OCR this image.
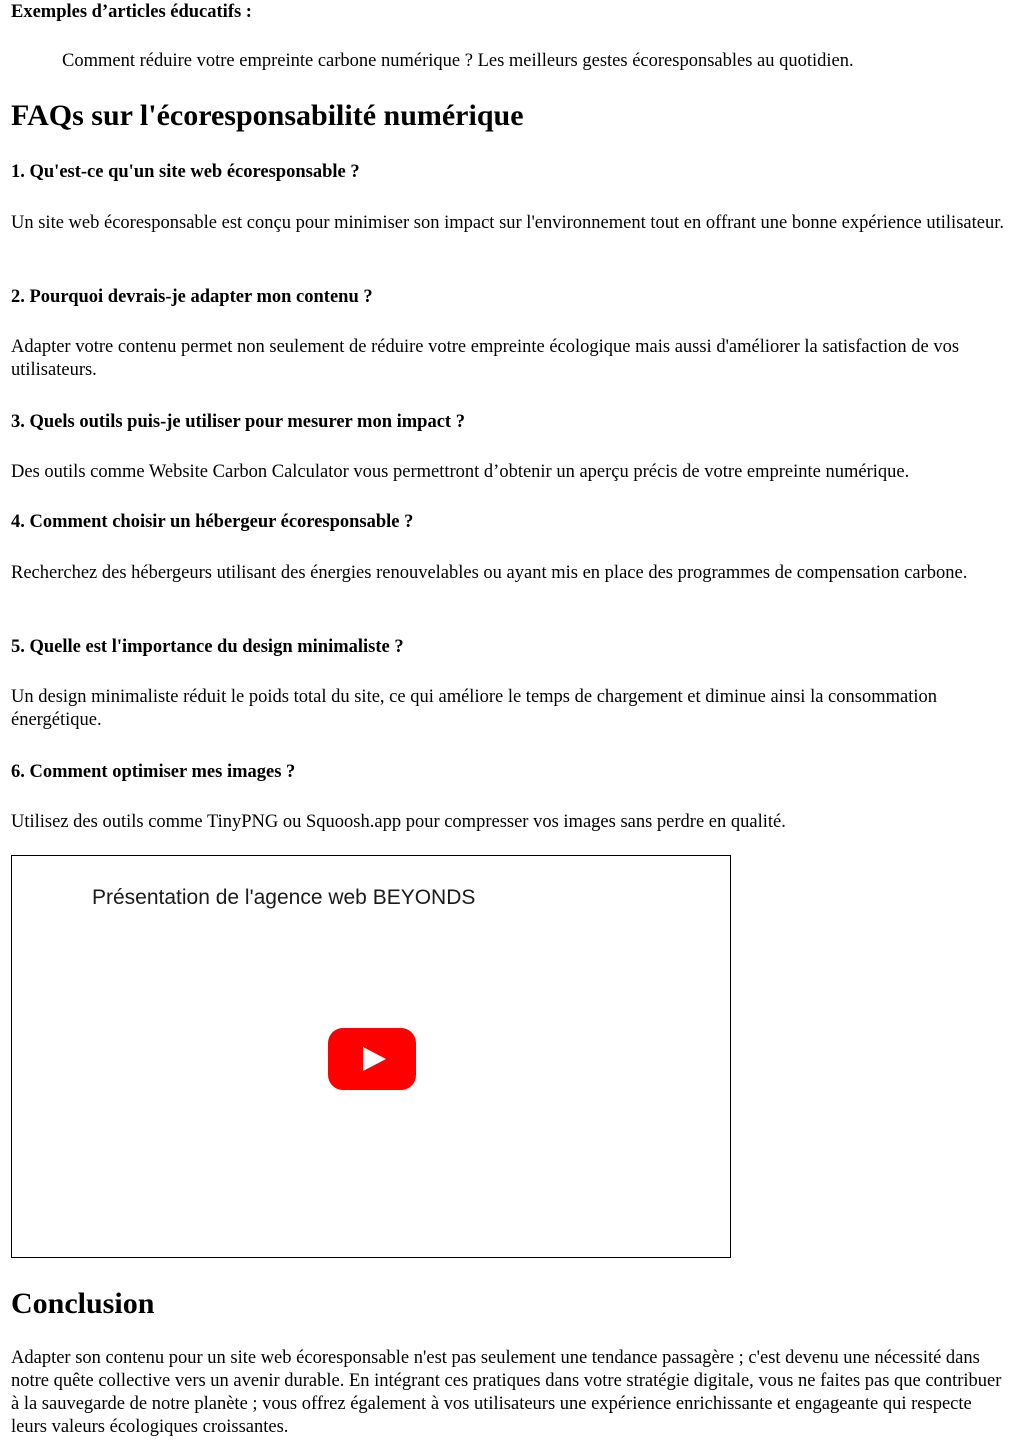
Exemples d’articles éducatifs :
Comment réduire votre empreinte carbone numérique ? Les meilleurs gestes écoresponsables au quotidien.
FAQs sur l'écoresponsabilité numérique
1. Qu'est-ce qu'un site web écoresponsable ?
Un site web écoresponsable est conçu pour minimiser son impact sur l'environnement tout en offrant une bonne expérience utilisateur.
2. Pourquoi devrais-je adapter mon contenu ?
Adapter votre contenu permet non seulement de réduire votre empreinte écologique mais aussi d'améliorer la satisfaction de vos utilisateurs.
3. Quels outils puis-je utiliser pour mesurer mon impact ?
Des outils comme Website Carbon Calculator vous permettront d’obtenir un aperçu précis de votre empreinte numérique.
4. Comment choisir un hébergeur écoresponsable ?
Recherchez des hébergeurs utilisant des énergies renouvelables ou ayant mis en place des programmes de compensation carbone.
5. Quelle est l'importance du design minimaliste ?
Un design minimaliste réduit le poids total du site, ce qui améliore le temps de chargement et diminue ainsi la consommation énergétique.
6. Comment optimiser mes images ?
Utilisez des outils comme TinyPNG ou Squoosh.app pour compresser vos images sans perdre en qualité.
Présentation de l'agence web BEYONDS
Conclusion
Adapter son contenu pour un site web écoresponsable n'est pas seulement une tendance passagère ; c'est devenu une nécessité dans notre quête collective vers un avenir durable. En intégrant ces pratiques dans votre stratégie digitale, vous ne faites pas que contribuer à la sauvegarde de notre planète ; vous offrez également à vos utilisateurs une expérience enrichissante et engageante qui respecte leurs valeurs écologiques croissantes.
